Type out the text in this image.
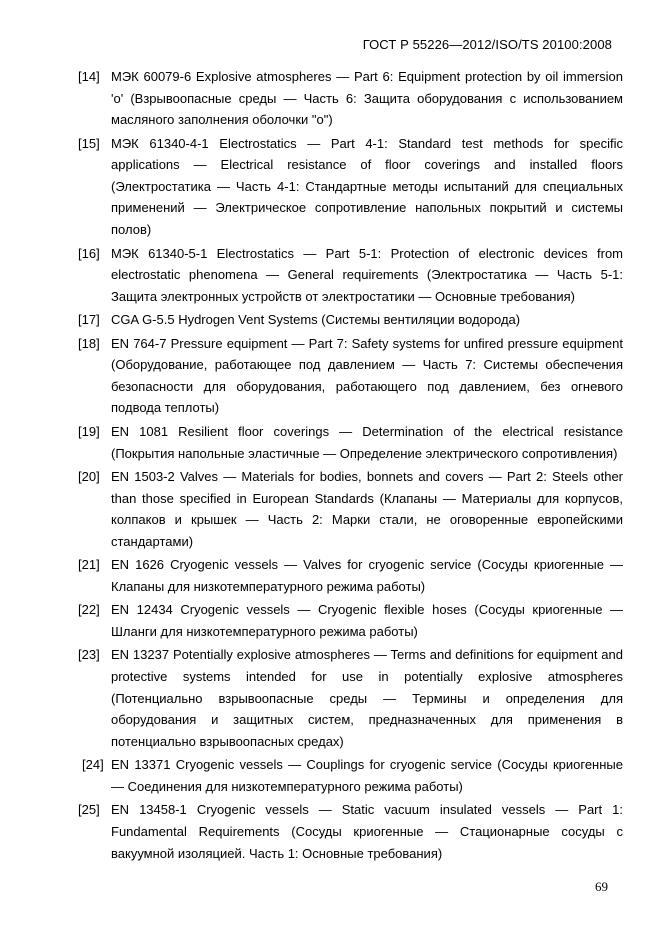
ГОСТ Р 55226—2012/ISO/TS 20100:2008
[14] МЭК 60079-6 Explosive atmospheres — Part 6: Equipment protection by oil immersion 'o' (Взрывоопасные среды — Часть 6: Защита оборудования с использованием масляного заполнения оболочки "о")
[15] МЭК 61340-4-1 Electrostatics — Part 4-1: Standard test methods for specific applications — Electrical resistance of floor coverings and installed floors (Электростатика — Часть 4-1: Стандартные методы испытаний для специальных применений — Электрическое сопротивление напольных покрытий и системы полов)
[16] МЭК 61340-5-1 Electrostatics — Part 5-1: Protection of electronic devices from electrostatic phenomena — General requirements (Электростатика — Часть 5-1: Защита электронных устройств от электростатики — Основные требования)
[17] CGA G-5.5 Hydrogen Vent Systems (Системы вентиляции водорода)
[18] EN 764-7 Pressure equipment — Part 7: Safety systems for unfired pressure equipment (Оборудование, работающее под давлением — Часть 7: Системы обеспечения безопасности для оборудования, работающего под давлением, без огневого подвода теплоты)
[19] EN 1081 Resilient floor coverings — Determination of the electrical resistance (Покрытия напольные эластичные — Определение электрического сопротивления)
[20] EN 1503-2 Valves — Materials for bodies, bonnets and covers — Part 2: Steels other than those specified in European Standards (Клапаны — Материалы для корпусов, колпаков и крышек — Часть 2: Марки стали, не оговоренные европейскими стандартами)
[21] EN 1626 Cryogenic vessels — Valves for cryogenic service (Сосуды криогенные — Клапаны для низкотемпературного режима работы)
[22] EN 12434 Cryogenic vessels — Cryogenic flexible hoses (Сосуды криогенные — Шланги для низкотемпературного режима работы)
[23] EN 13237 Potentially explosive atmospheres — Terms and definitions for equipment and protective systems intended for use in potentially explosive atmospheres (Потенциально взрывоопасные среды — Термины и определения для оборудования и защитных систем, предназначенных для применения в потенциально взрывоопасных средах)
[24] EN 13371 Cryogenic vessels — Couplings for cryogenic service (Сосуды криогенные — Соединения для низкотемпературного режима работы)
[25] EN 13458-1 Cryogenic vessels — Static vacuum insulated vessels — Part 1: Fundamental Requirements (Сосуды криогенные — Стационарные сосуды с вакуумной изоляцией. Часть 1: Основные требования)
69
